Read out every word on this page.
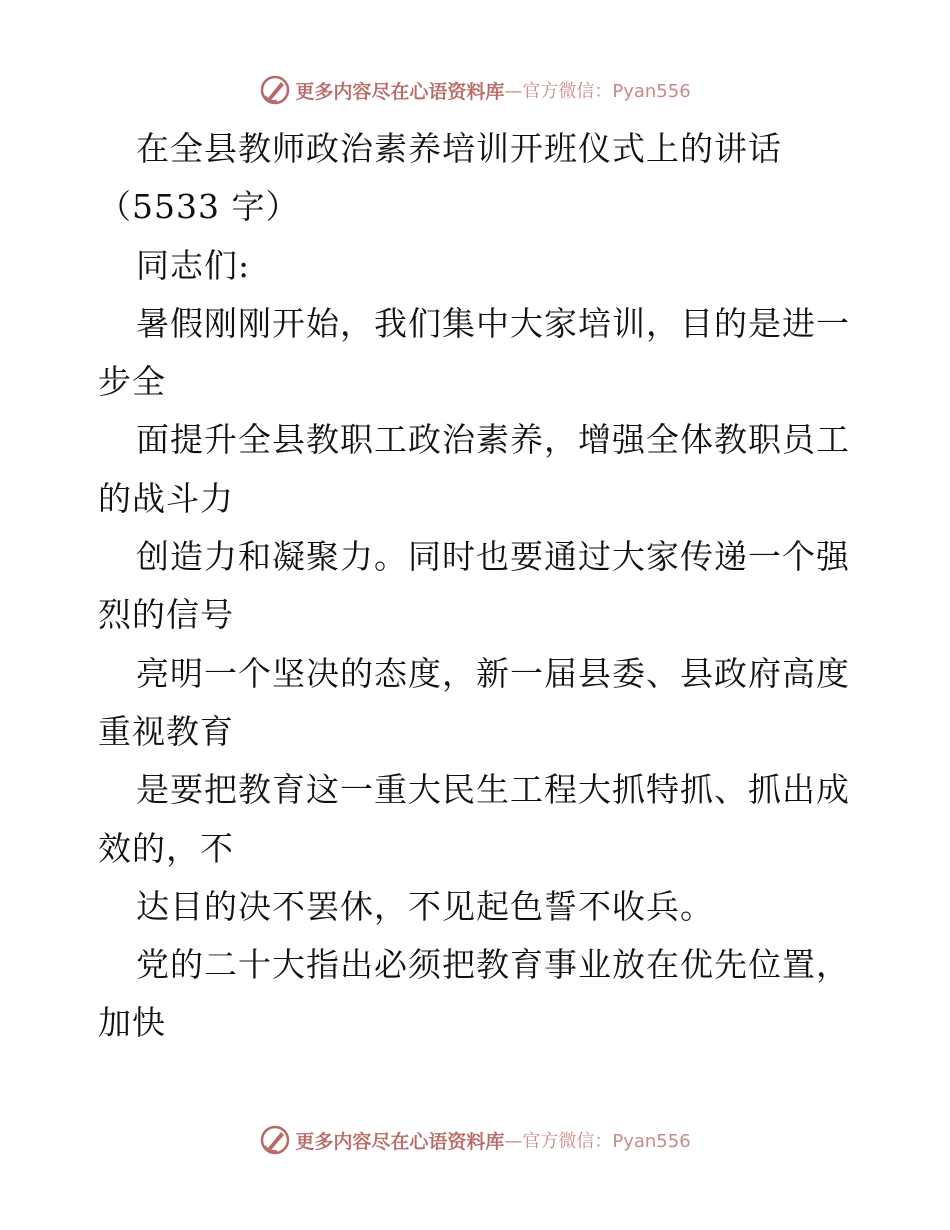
更多内容尽在心语资料库 —官方微信：Pyan556
在全县教师政治素养培训开班仪式上的讲话
（5533 字）
同志们:
暑假刚刚开始，我们集中大家培训，目的是进一
步全
面提升全县教职工政治素养，增强全体教职员工
的战斗力
创造力和凝聚力。同时也要通过大家传递一个强
烈的信号
亮明一个坚决的态度，新一届县委、县政府高度
重视教育
是要把教育这一重大民生工程大抓特抓、抓出成
效的，不
达目的决不罢休，不见起色誓不收兵。
党的二十大指出必须把教育事业放在优先位置，
加快
更多内容尽在心语资料库 —官方微信：Pyan556
